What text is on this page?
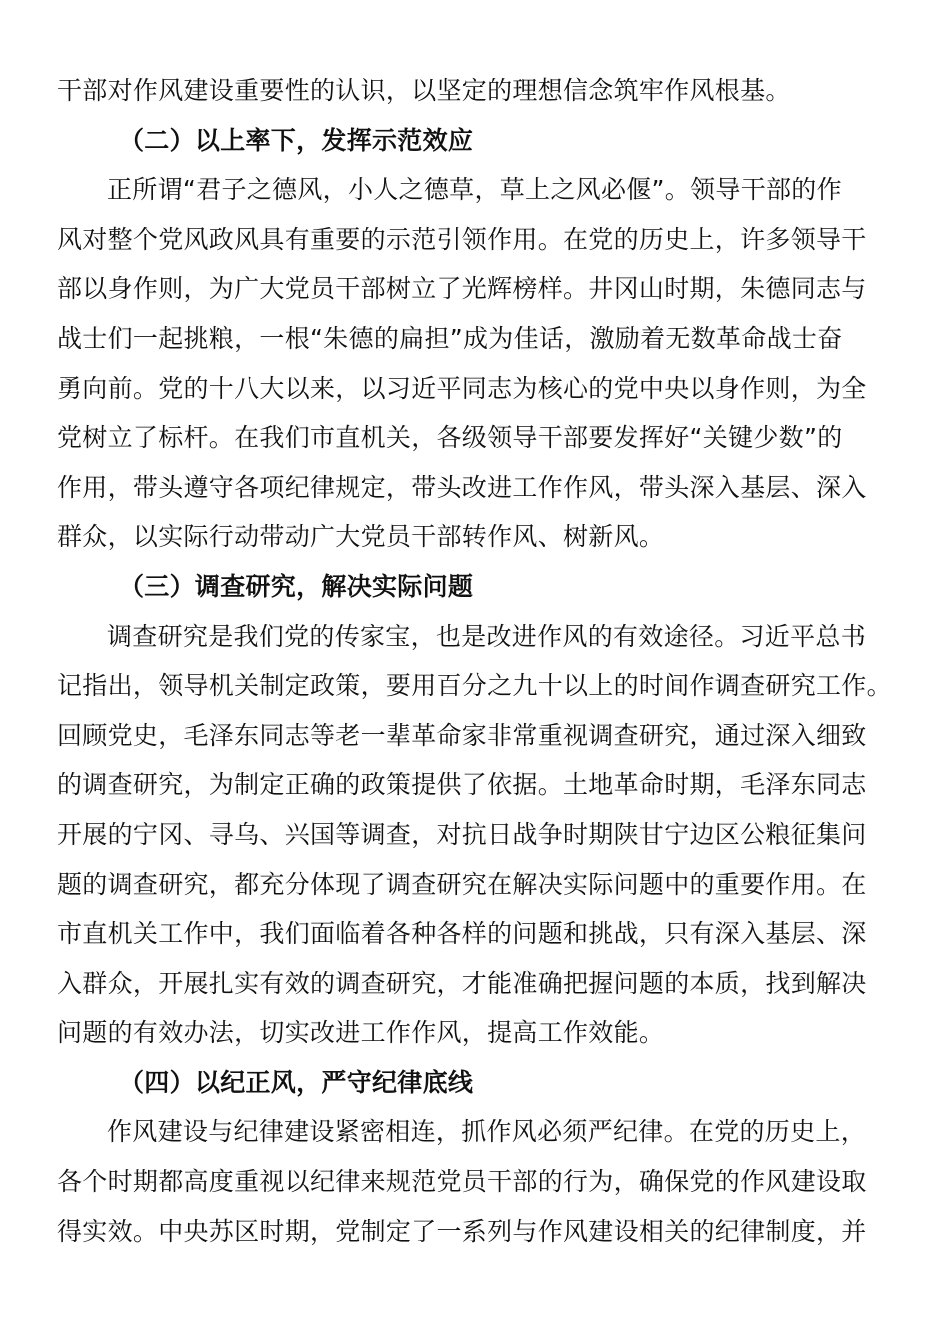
干部对作风建设重要性的认识，以坚定的理想信念筑牢作风根基。
（二）以上率下，发挥示范效应
正所谓“君子之德风，小人之德草，草上之风必偃”。领导干部的作
风对整个党风政风具有重要的示范引领作用。在党的历史上，许多领导干
部以身作则，为广大党员干部树立了光辉榜样。井冈山时期，朱德同志与
战士们一起挑粮，一根“朱德的扁担”成为佳话，激励着无数革命战士奋
勇向前。党的十八大以来，以习近平同志为核心的党中央以身作则，为全
党树立了标杆。在我们市直机关，各级领导干部要发挥好“关键少数”的
作用，带头遵守各项纪律规定，带头改进工作作风，带头深入基层、深入
群众，以实际行动带动广大党员干部转作风、树新风。
（三）调查研究，解决实际问题
调查研究是我们党的传家宝，也是改进作风的有效途径。习近平总书
记指出，领导机关制定政策，要用百分之九十以上的时间作调查研究工作。
回顾党史，毛泽东同志等老一辈革命家非常重视调查研究，通过深入细致
的调查研究，为制定正确的政策提供了依据。土地革命时期，毛泽东同志
开展的宁冈、寻乌、兴国等调查，对抗日战争时期陕甘宁边区公粮征集问
题的调查研究，都充分体现了调查研究在解决实际问题中的重要作用。在
市直机关工作中，我们面临着各种各样的问题和挑战，只有深入基层、深
入群众，开展扎实有效的调查研究，才能准确把握问题的本质，找到解决
问题的有效办法，切实改进工作作风，提高工作效能。
（四）以纪正风，严守纪律底线
作风建设与纪律建设紧密相连，抓作风必须严纪律。在党的历史上，
各个时期都高度重视以纪律来规范党员干部的行为，确保党的作风建设取
得实效。中央苏区时期，党制定了一系列与作风建设相关的纪律制度，并
